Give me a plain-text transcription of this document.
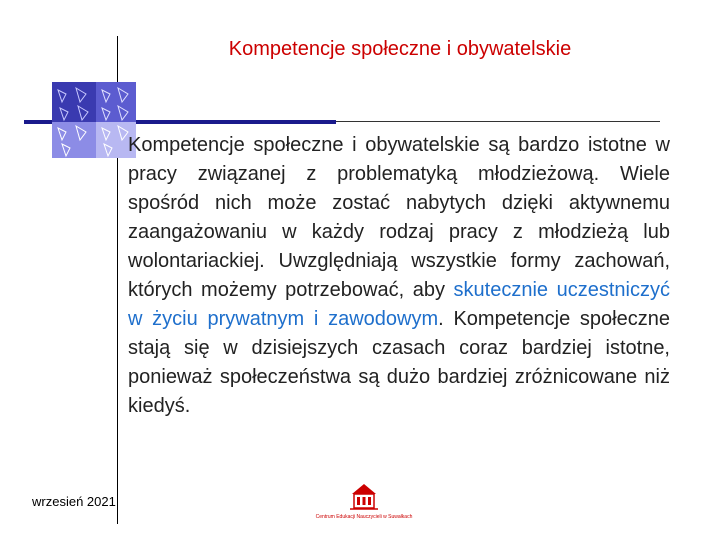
Kompetencje społeczne i obywatelskie
Kompetencje społeczne i obywatelskie są bardzo istotne w pracy związanej z problematyką młodzieżową. Wiele spośród nich może zostać nabytych dzięki aktywnemu zaangażowaniu w każdy rodzaj pracy z młodzieżą lub wolontariackiej. Uwzględniają wszystkie formy zachowań, których możemy potrzebować, aby skutecznie uczestniczyć w życiu prywatnym i zawodowym. Kompetencje społeczne stają się w dzisiejszych czasach coraz bardziej istotne, ponieważ społeczeństwa są dużo bardziej zróżnicowane niż kiedyś.
wrzesień 2021
Centrum Edukacji Nauczycieli w Suwałkach
